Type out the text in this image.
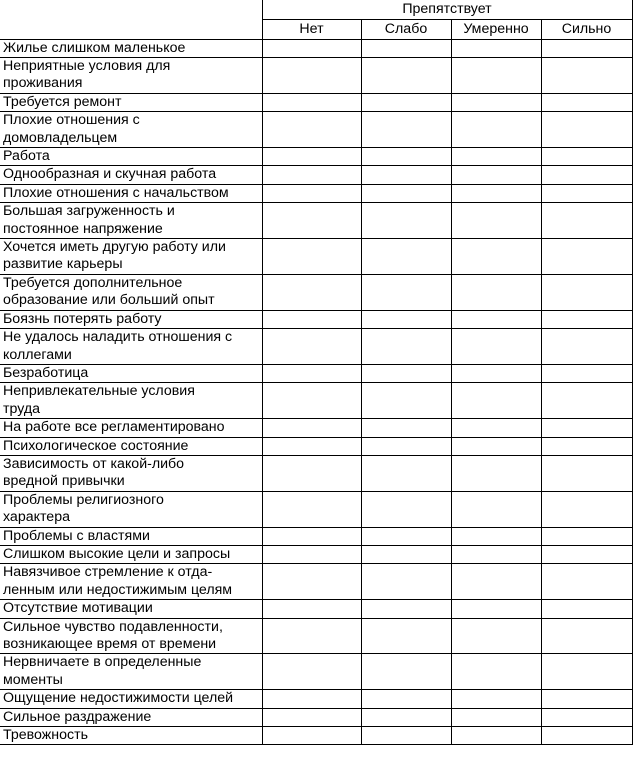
	Препятствует			
	Нет	Слабо	Умеренно	Сильно

Жилье слишком маленькое				

Неприятные условия для
проживания				

Требуется ремонт				

Плохие отношения с
домовладельцем				

Работа				

Однообразная и скучная работа				

Плохие отношения с начальством				

Большая загруженность и
постоянное напряжение				

Хочется иметь другую работу или
развитие карьеры				

Требуется дополнительное
образование или больший опыт				

Боязнь потерять работу				

Не удалось наладить отношения с
коллегами				

Безработица				

Непривлекательные условия
труда				

На работе все регламентировано				

Психологическое состояние				

Зависимость от какой-либо
вредной привычки				

Проблемы религиозного
характера				

Проблемы с властями				

Слишком высокие цели и запросы				

Навязчивое стремление к отда-
ленным или недостижимым целям				

Отсутствие мотивации				

Сильное чувство подавленности,
возникающее время от времени				

Нервничаете в определенные
моменты				

Ощущение недостижимости целей				

Сильное раздражение				

Тревожность				
